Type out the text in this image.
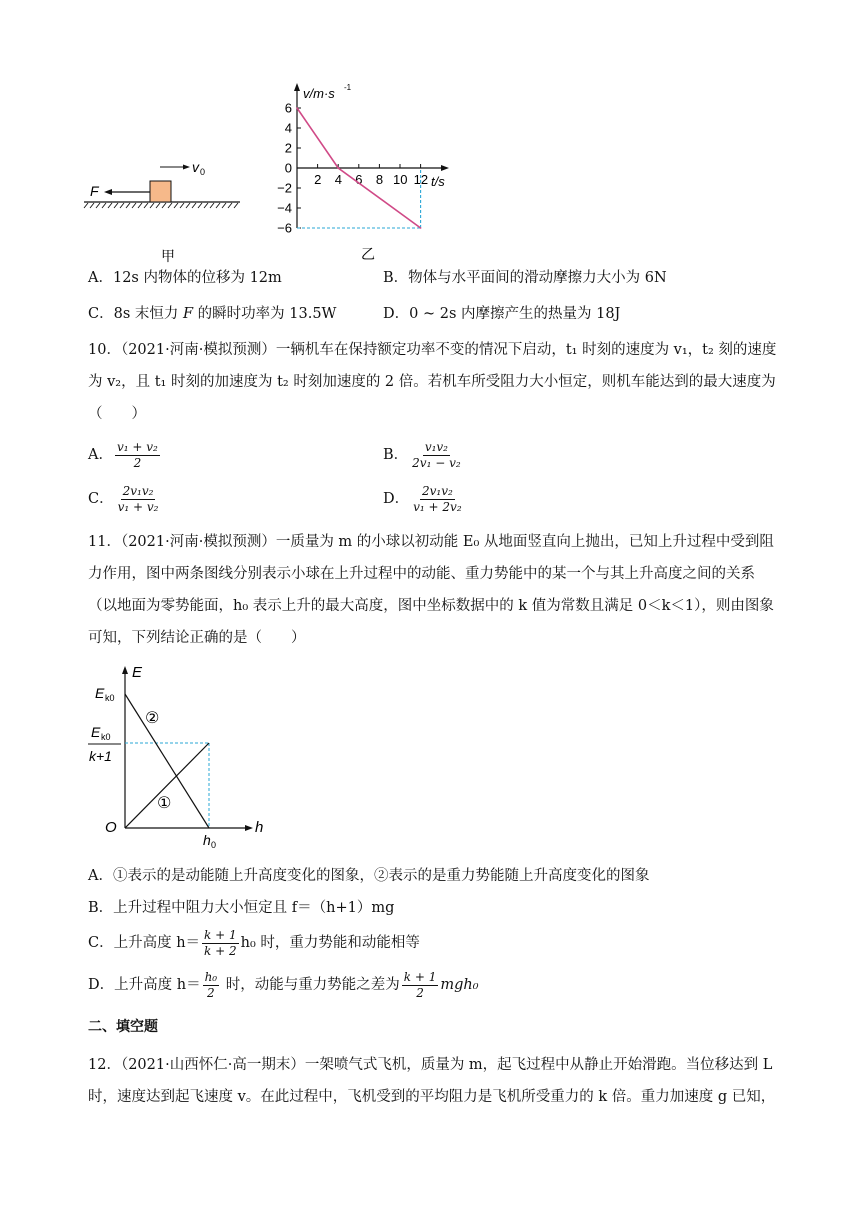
F
v 0
甲
2 4 6 8 10 12
6
4
2
0
−2
−4
−6
v/m·s -1
t/s
乙
A．12s 内物体的位移为 12m	B．物体与水平面间的滑动摩擦力大小为 6N
C．8s 末恒力 F 的瞬时功率为 13.5W	D．0 ~ 2s 内摩擦产生的热量为 18J
10．（2021·河南·模拟预测）一辆机车在保持额定功率不变的情况下启动，t₁ 时刻的速度为 v₁，t₂ 刻的速度
为 v₂，且 t₁ 时刻的加速度为 t₂ 时刻加速度的 2 倍。若机车所受阻力大小恒定，则机车能达到的最大速度为
（　　）
A． $\frac{\text{v₁ + v₂}}{2}$	B． $\frac{\text{v₁v₂}}{\text{2v₁ − v₂}}$
C． $\frac{\text{2v₁v₂}}{\text{v₁ + v₂}}$	D． $\frac{\text{2v₁v₂}}{\text{v₁ + 2v₂}}$
11．（2021·河南·模拟预测）一质量为 m 的小球以初动能 E₀ 从地面竖直向上抛出，已知上升过程中受到阻
力作用，图中两条图线分别表示小球在上升过程中的动能、重力势能中的某一个与其上升高度之间的关系
（以地面为零势能面，h₀ 表示上升的最大高度，图中坐标数据中的 k 值为常数且满足 0＜k＜1），则由图象
可知，下列结论正确的是（　　）
E
h
O
E k0
E k0
k+1
h 0
②
①
A．①表示的是动能随上升高度变化的图象，②表示的是重力势能随上升高度变化的图象
B．上升过程中阻力大小恒定且 f＝（h+1）mg
C．上升高度 $h= \frac{k + 1}{k + 2} h_0$ 时，重力势能和动能相等
D．上升高度 $h= \frac{\text{h₀}}{2}$ 时，动能与重力势能之差为 $\frac{k + 1}{2} mgh_0$
二、填空题
12．（2021·山西怀仁·高一期末）一架喷气式飞机，质量为 m，起飞过程中从静止开始滑跑。当位移达到 L
时，速度达到起飞速度 v。在此过程中，飞机受到的平均阻力是飞机所受重力的 k 倍。重力加速度 g 已知，
